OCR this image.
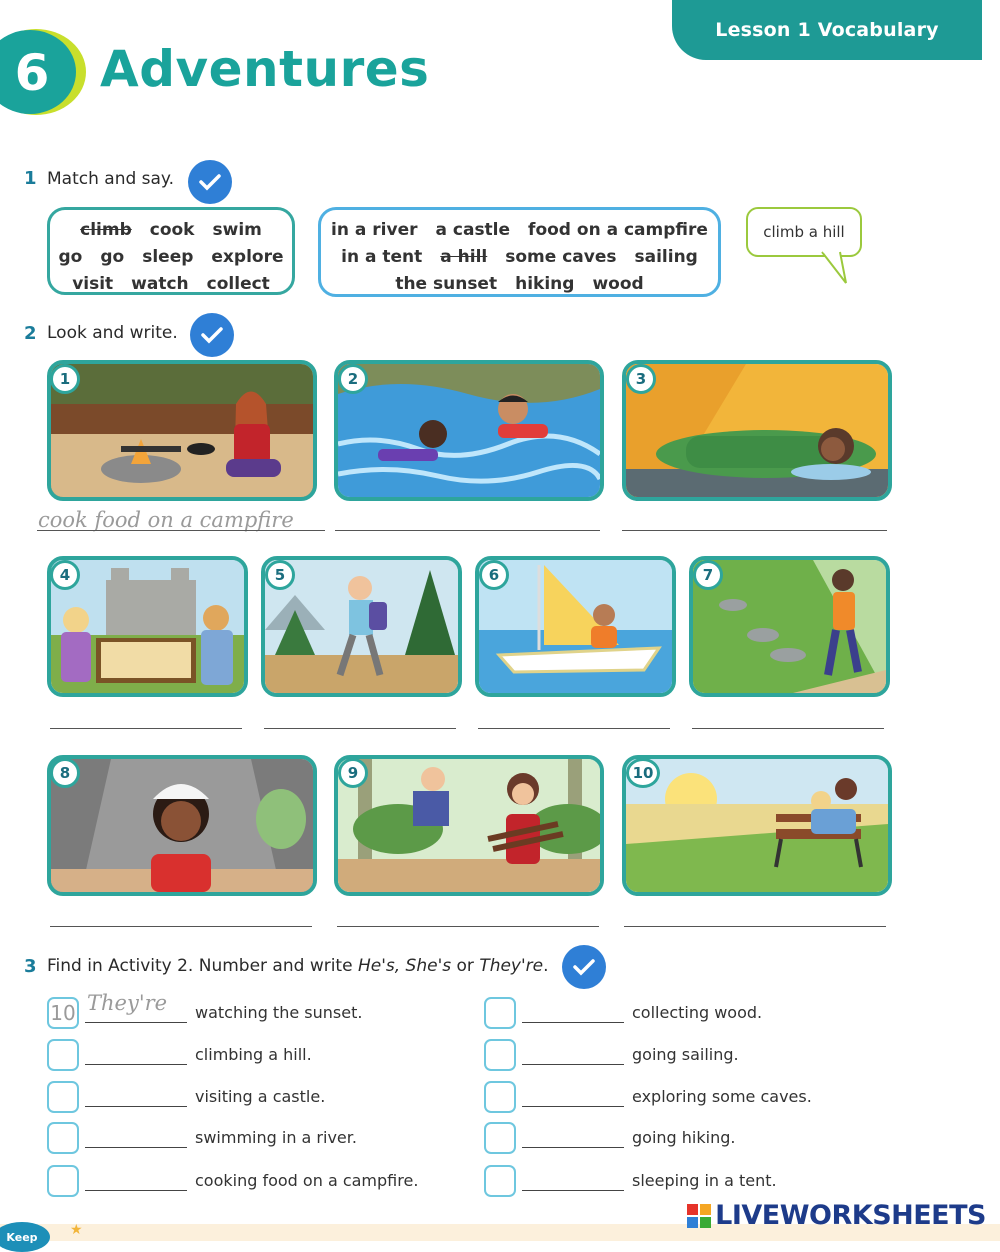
Lesson 1 Vocabulary
6 Adventures
1 Match and say.
climb cook swim
go go sleep explore
visit watch collect
in a river a castle food on a campfire
in a tent a hill some caves sailing
the sunset hiking wood
climb a hill
2 Look and write.
cook food on a campfire
1	2	3
4	5	6	7
8	9	10
3 Find in Activity 2. Number and write He's, She's or They're.
10 They're watching the sunset.
climbing a hill.
visiting a castle.
swimming in a river.
cooking food on a campfire.
collecting wood.
going sailing.
exploring some caves.
going hiking.
sleeping in a tent.
Keep	★	LIVEWORKSHEETS
